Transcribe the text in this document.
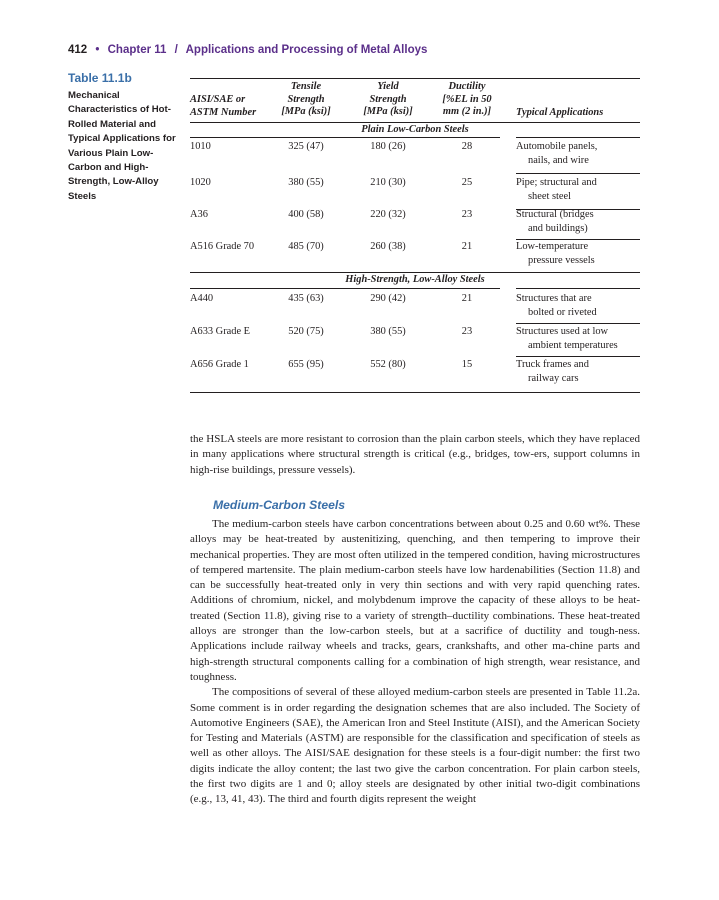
412 • Chapter 11 / Applications and Processing of Metal Alloys
Table 11.1b
Mechanical Characteristics of Hot-Rolled Material and Typical Applications for Various Plain Low-Carbon and High-Strength, Low-Alloy Steels
AISI/SAE or
ASTM Number
Tensile
Strength
[MPa (ksi)]
Yield
Strength
[MPa (ksi)]
Ductility
[%EL in 50
mm (2 in.)]	Typical Applications
Plain Low-Carbon Steels
1010	325 (47)	180 (26)	28	Automobile panels,
nails, and wire
1020	380 (55)	210 (30)	25	Pipe; structural and
sheet steel
A36	400 (58)	220 (32)	23	Structural (bridges
and buildings)
A516 Grade 70	485 (70)	260 (38)	21	Low-temperature
pressure vessels
High-Strength, Low-Alloy Steels
A440	435 (63)	290 (42)	21	Structures that are
bolted or riveted
A633 Grade E	520 (75)	380 (55)	23	Structures used at low
ambient temperatures
A656 Grade 1	655 (95)	552 (80)	15	Truck frames and
railway cars

the HSLA steels are more resistant to corrosion than the plain carbon steels, which they have replaced in many applications where structural strength is critical (e.g., bridges, tow-ers, support columns in high-rise buildings, pressure vessels).

Medium-Carbon Steels

The medium-carbon steels have carbon concentrations between about 0.25 and 0.60 wt%. These alloys may be heat-treated by austenitizing, quenching, and then tempering to improve their mechanical properties. They are most often utilized in the tempered condition, having microstructures of tempered martensite. The plain medium-carbon steels have low hardenabilities (Section 11.8) and can be successfully heat-treated only in very thin sections and with very rapid quenching rates. Additions of chromium, nickel, and molybdenum improve the capacity of these alloys to be heat-treated (Section 11.8), giving rise to a variety of strength–ductility combinations. These heat-treated alloys are stronger than the low-carbon steels, but at a sacrifice of ductility and tough-ness. Applications include railway wheels and tracks, gears, crankshafts, and other ma-chine parts and high-strength structural components calling for a combination of high strength, wear resistance, and toughness.

The compositions of several of these alloyed medium-carbon steels are presented in Table 11.2a. Some comment is in order regarding the designation schemes that are also included. The Society of Automotive Engineers (SAE), the American Iron and Steel Institute (AISI), and the American Society for Testing and Materials (ASTM) are responsible for the classification and specification of steels as well as other alloys. The AISI/SAE designation for these steels is a four-digit number: the first two digits indicate the alloy content; the last two give the carbon concentration. For plain carbon steels, the first two digits are 1 and 0; alloy steels are designated by other initial two-digit combinations (e.g., 13, 41, 43). The third and fourth digits represent the weight
